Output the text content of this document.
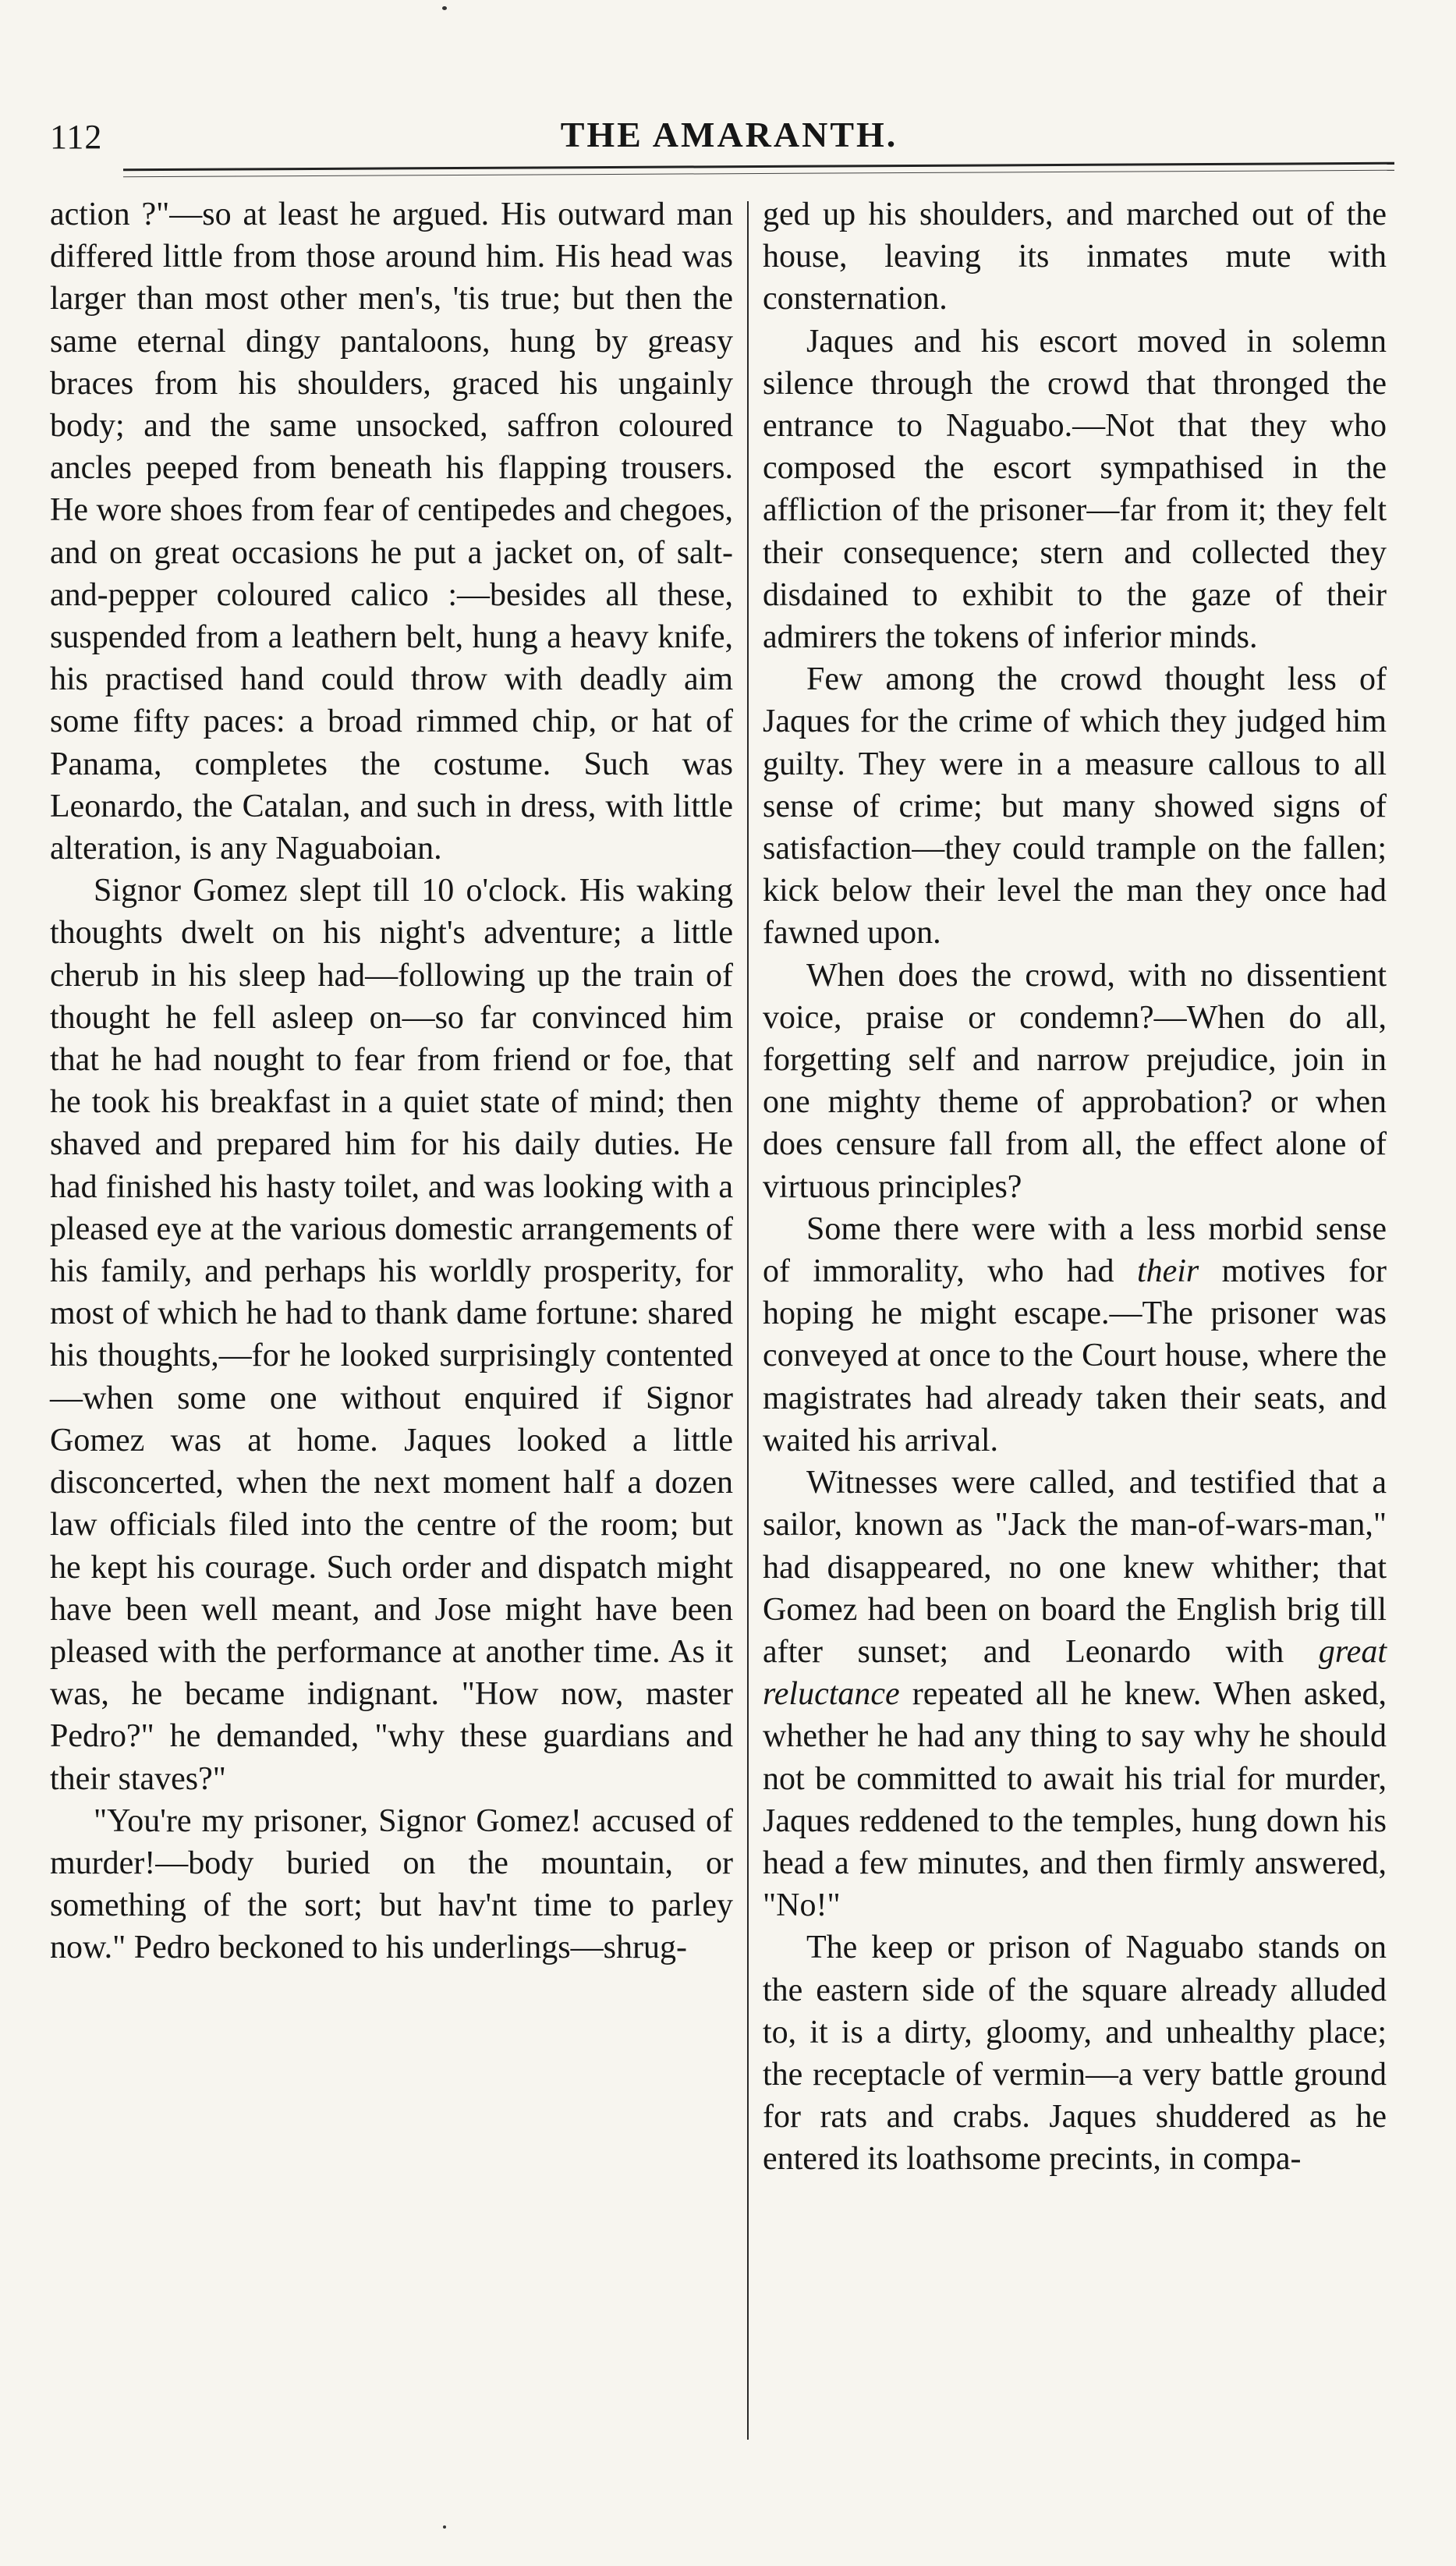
112	THE AMARANTH.

action ?"—so at least he argued. His outward man differed little from those around him. His head was larger than most other men's, 'tis true; but then the same eternal dingy pantaloons, hung by greasy braces from his shoulders, graced his ungainly body; and the same unsocked, saffron coloured ancles peeped from beneath his flapping trousers. He wore shoes from fear of centipedes and chegoes, and on great occasions he put a jacket on, of salt-and-pepper coloured calico :—besides all these, suspended from a leathern belt, hung a heavy knife, his practised hand could throw with deadly aim some fifty paces: a broad rimmed chip, or hat of Panama, completes the costume. Such was Leonardo, the Catalan, and such in dress, with little alteration, is any Naguaboian.

Signor Gomez slept till 10 o'clock. His waking thoughts dwelt on his night's adventure; a little cherub in his sleep had—following up the train of thought he fell asleep on—so far convinced him that he had nought to fear from friend or foe, that he took his breakfast in a quiet state of mind; then shaved and prepared him for his daily duties. He had finished his hasty toilet, and was looking with a pleased eye at the various domestic arrangements of his family, and perhaps his worldly prosperity, for most of which he had to thank dame fortune: shared his thoughts,—for he looked surprisingly contented—when some one without enquired if Signor Gomez was at home. Jaques looked a little disconcerted, when the next moment half a dozen law officials filed into the centre of the room; but he kept his courage. Such order and dispatch might have been well meant, and Jose might have been pleased with the performance at another time. As it was, he became indignant. "How now, master Pedro?" he demanded, "why these guardians and their staves?"

"You're my prisoner, Signor Gomez! accused of murder!—body buried on the mountain, or something of the sort; but hav'nt time to parley now." Pedro beckoned to his underlings—shrug-

ged up his shoulders, and marched out of the house, leaving its inmates mute with consternation.

Jaques and his escort moved in solemn silence through the crowd that thronged the entrance to Naguabo.—Not that they who composed the escort sympathised in the affliction of the prisoner—far from it; they felt their consequence; stern and collected they disdained to exhibit to the gaze of their admirers the tokens of inferior minds.

Few among the crowd thought less of Jaques for the crime of which they judged him guilty. They were in a measure callous to all sense of crime; but many showed signs of satisfaction—they could trample on the fallen; kick below their level the man they once had fawned upon.

When does the crowd, with no dissentient voice, praise or condemn?—When do all, forgetting self and narrow prejudice, join in one mighty theme of approbation? or when does censure fall from all, the effect alone of virtuous principles?

Some there were with a less morbid sense of immorality, who had their motives for hoping he might escape.—The prisoner was conveyed at once to the Court house, where the magistrates had already taken their seats, and waited his arrival.

Witnesses were called, and testified that a sailor, known as "Jack the man-of-wars-man," had disappeared, no one knew whither; that Gomez had been on board the English brig till after sunset; and Leonardo with great reluctance repeated all he knew. When asked, whether he had any thing to say why he should not be committed to await his trial for murder, Jaques reddened to the temples, hung down his head a few minutes, and then firmly answered, "No!"

The keep or prison of Naguabo stands on the eastern side of the square already alluded to, it is a dirty, gloomy, and unhealthy place; the receptacle of vermin—a very battle ground for rats and crabs. Jaques shuddered as he entered its loathsome precints, in compa-
